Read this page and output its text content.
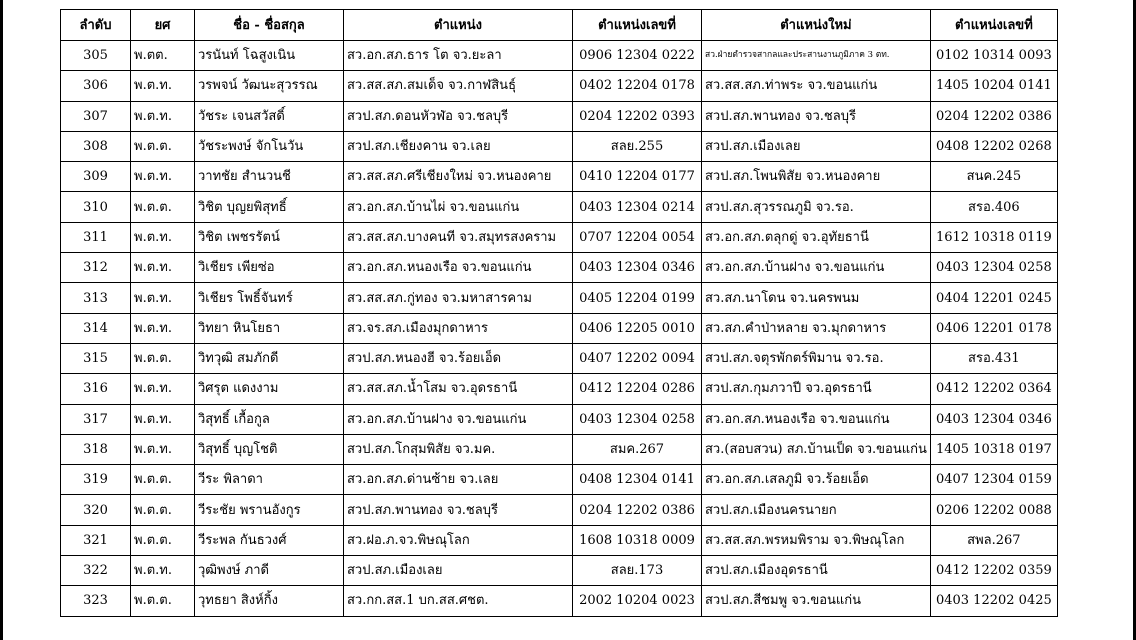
ลำดับ	ยศ	ชื่อ - ชื่อสกุล	ตำแหน่ง	ตำแหน่งเลขที่	ตำแหน่งใหม่	ตำแหน่งเลขที่
305	พ.ตต.	วรนันท์ โฉสูงเนิน	สว.อก.สภ.ธาร โต จว.ยะลา	0906 12304 0222	สว.ฝ่ายตำรวจสากลและประสานงานภูมิภาค 3 ตท.	0102 10314 0093
306	พ.ต.ท.	วรพจน์ วัฒนะสุวรรณ	สว.สส.สภ.สมเด็จ จว.กาฬสินธุ์	0402 12204 0178	สว.สส.สภ.ท่าพระ จว.ขอนแก่น	1405 10204 0141
307	พ.ต.ท.	วัชระ เจนสวัสดิ์	สวป.สภ.ดอนหัวฬ่อ จว.ชลบุรี	0204 12202 0393	สวป.สภ.พานทอง จว.ชลบุรี	0204 12202 0386
308	พ.ต.ต.	วัชระพงษ์ จักโนวัน	สวป.สภ.เชียงคาน จว.เลย	สลย.255	สวป.สภ.เมืองเลย	0408 12202 0268
309	พ.ต.ท.	วาทชัย สำนวนชี	สว.สส.สภ.ศรีเชียงใหม่ จว.หนองคาย	0410 12204 0177	สวป.สภ.โพนพิสัย จว.หนองคาย	สนค.245
310	พ.ต.ต.	วิชิต บุญยพิสุทธิ์	สว.อก.สภ.บ้านไผ่ จว.ขอนแก่น	0403 12304 0214	สวป.สภ.สุวรรณภูมิ จว.รอ.	สรอ.406
311	พ.ต.ท.	วิชิต เพชรรัตน์	สว.สส.สภ.บางคนที จว.สมุทรสงคราม	0707 12204 0054	สว.อก.สภ.ตลุกดู่ จว.อุทัยธานี	1612 10318 0119
312	พ.ต.ท.	วิเชียร เพียซ่อ	สว.อก.สภ.หนองเรือ จว.ขอนแก่น	0403 12304 0346	สว.อก.สภ.บ้านฝาง จว.ขอนแก่น	0403 12304 0258
313	พ.ต.ท.	วิเชียร โพธิ์จันทร์	สว.สส.สภ.กู่ทอง จว.มหาสารคาม	0405 12204 0199	สว.สภ.นาโดน จว.นครพนม	0404 12201 0245
314	พ.ต.ท.	วิทยา หินโยธา	สว.จร.สภ.เมืองมุกดาหาร	0406 12205 0010	สว.สภ.คำป่าหลาย จว.มุกดาหาร	0406 12201 0178
315	พ.ต.ต.	วิทวุฒิ สมภักดี	สวป.สภ.หนองฮี จว.ร้อยเอ็ด	0407 12202 0094	สวป.สภ.จตุรพักตร์พิมาน จว.รอ.	สรอ.431
316	พ.ต.ท.	วิศรุต แดงงาม	สว.สส.สภ.น้ำโสม จว.อุดรธานี	0412 12204 0286	สวป.สภ.กุมภวาปี จว.อุดรธานี	0412 12202 0364
317	พ.ต.ท.	วิสุทธิ์ เกื้อกูล	สว.อก.สภ.บ้านฝาง จว.ขอนแก่น	0403 12304 0258	สว.อก.สภ.หนองเรือ จว.ขอนแก่น	0403 12304 0346
318	พ.ต.ท.	วิสุทธิ์ บุญโชติ	สวป.สภ.โกสุมพิสัย จว.มค.	สมค.267	สว.(สอบสวน) สภ.บ้านเป็ด จว.ขอนแก่น	1405 10318 0197
319	พ.ต.ต.	วีระ พิลาดา	สว.อก.สภ.ด่านซ้าย จว.เลย	0408 12304 0141	สว.อก.สภ.เสลภูมิ จว.ร้อยเอ็ด	0407 12304 0159
320	พ.ต.ต.	วีระชัย พรานอังกูร	สวป.สภ.พานทอง จว.ชลบุรี	0204 12202 0386	สวป.สภ.เมืองนครนายก	0206 12202 0088
321	พ.ต.ต.	วีระพล กันธวงศ์	สว.ฝอ.ภ.จว.พิษณุโลก	1608 10318 0009	สว.สส.สภ.พรหมพิราม จว.พิษณุโลก	สพล.267
322	พ.ต.ท.	วุฒิพงษ์ ภาดี	สวป.สภ.เมืองเลย	สลย.173	สวป.สภ.เมืองอุดรธานี	0412 12202 0359
323	พ.ต.ต.	วุทธยา สิงห์กิ้ง	สว.กก.สส.1 บก.สส.ศชต.	2002 10204 0023	สวป.สภ.สีชมพู จว.ขอนแก่น	0403 12202 0425
